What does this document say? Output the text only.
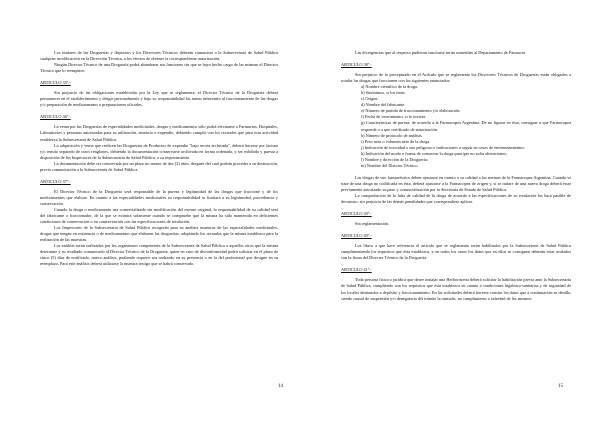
Los titulares de las Droguerías y depósitos y los Directores Técnicos deberán comunicar a la Subsecretaría de Salud Pública cualquier modificación en la Dirección Técnica, a los efectos de obtener la correspondiente autorización.

Ningún Director Técnico de una Droguería podrá abandonar sus funciones sin que se haya hecho cargo de las mismas el Director Técnico que lo reemplace.

ARTICULO 35º.-

Sin perjuicio de las obligaciones establecidas por la Ley que se reglamenta, el Director Técnico de la Droguería deberá permanecer en el establecimiento y dirigir personalmente y bajo su responsabilidad las tareas inherentes al fraccionamiento de las drogas y/o preparación de medicamentos o preparaciones oficiales.

ARTICULO 36º.-

La venta por las Droguerías de especialidades medicinales, drogas y medicamentos sólo podrá efectuarse a Farmacias, Hospitales, Laboratorios y personas autorizadas para su utilización, tenencia o expendio, debiendo cumplir con los recaudos que para esta actividad establezca la Subsecretaría de Salud Pública.

La adquisición y venta que realicen las Droguerías de Productos de expendio "bajo receta archivada", deberá hacerse por factura y/o remito separado de otros renglones, debiendo la documentación conservarse archivada en forma ordenada, y ser exhibida y puesta a disposición de los Inspectores de la Subsecretaría de Salud Pública, a su requerimiento.

La documentación debe ser conservada por un plazo no menor de dos (2) años, después del cual podrán proceder a su destrucción, previa comunicación a la Subsecretaría de Salud Pública.

ARTICULO 37º.-

El Director Técnico de la Droguería será responsable de la pureza y legitimidad de las drogas que fraccione y de los medicamentos que elabore. En cuanto a las especialidades medicinales su responsabilidad se limitará a su legitimidad, procedencia y conservación.

Cuando la droga o medicamento sea comercializado sin modificación del envase original, la responsabilidad de su calidad será del fabricante o fraccionador, de la que se eximirá solamente cuando se compruebe que la misma ha sido mantenida en deficientes condiciones de conservación o en contravención con las especificaciones de rotulación.

Los Inspectores de la Subsecretaría de Salud Pública recogerán para su análisis muestras de las especialidades medicinales, drogas que tengan en existencia o de medicamentos que elaboren las droguerías, adoptando los recaudos que la misma establezca para la realización de las muestras.

Los análisis serán realizados por los organismos competentes de la Subsecretaría de Salud Pública o aquellos otros que la misma determine y su resultado comunicado al Director Técnico de la Droguería, quien en caso de disconformidad podrá solicitar en el plazo de cinco (5) días de notificado, nuevo análisis, pudiendo requerir sea realizado en su presencia o en la del profesional que designe en su reemplazo. Para este análisis deberá utilizarse la muestra testigo que se habrá conservado.

14

Las divergencias que al respecto pudieran suscitarse serán sometidas al Departamento de Farmacia.

ARTICULO 38º.-

Sin perjuicio de lo preceptuado en el Artículo que se reglamenta los Directores Técnicos de Droguerías están obligados a rotular las drogas que fraccionen con los siguientes enunciados:

a) Nombre científico de la droga.
b) Sinónimos, si los tiene.
c) Origen.
d) Nombre del fabricante.
e) Número de partida de fraccionamiento y/o elaboración.
f) Fecha de vencimiento, si lo tuviera.
g) Características de pureza, de acuerdo a la Farmacopea Argentina. De no figurar en ésta, consignar a que Farmacopea responde o a que certificado de autorización.
h) Número de protocolo de análisis.
i) Peso neto o volumen neto de la droga.
j) Indicación de toxicidad o uso peligroso e indicaciones a seguir en casos de envenenamientos.
k) Indicación del modo o forma de conservar la droga para que no sufra alteraciones;
l) Nombre y dirección de la Droguería;
m) Nombre del Director Técnico.

Las drogas de uso farmacéutico deben ajustarse en cuanto a su calidad a las normas de la Farmacopea Argentina. Cuando se trate de una droga no codificada en ésta, deberá ajustarse a la Farmacopea de origen y, si se tratare de una nueva droga deberá estar previamente autorizado su paso y comercialización por la Secretaría de Estado de Salud Pública.

La comprobación de la falta de calidad de la droga de acuerdo a las especificaciones de su rotulación las hará pasible de decomiso, sin perjuicio de las demás penalidades que correspondiere aplicar.

ARTICULO 39º.-

Sin reglamentación.

ARTICULO 40º.-

Los libros a que hace referencia el artículo que se reglamenta serán habilitados por la Subsecretaría de Salud Pública cumplimentando los requisitos que ésta establezca, y en todos los casos los datos que en ellos se consignen deberán estar avalados con la firma del Director Técnico de la Droguería.

ARTICULO 41º.-

Toda persona física o jurídica que desee instalar una Herboristería deberá solicitar la habilitación previa ante la Subsecretaría de Salud Pública, cumpliendo con los requisitos que ésta establezca en cuanto a condiciones higiénico-sanitarias y de seguridad de los locales destinados a depósito y fraccionamiento. En las solicitudes deberá hacerse constar los datos que a continuación se detalla, siendo causal de suspensión y/o denegatoria del trámite la omisión, no cumplimiento o falsedad de los mismos:

15
